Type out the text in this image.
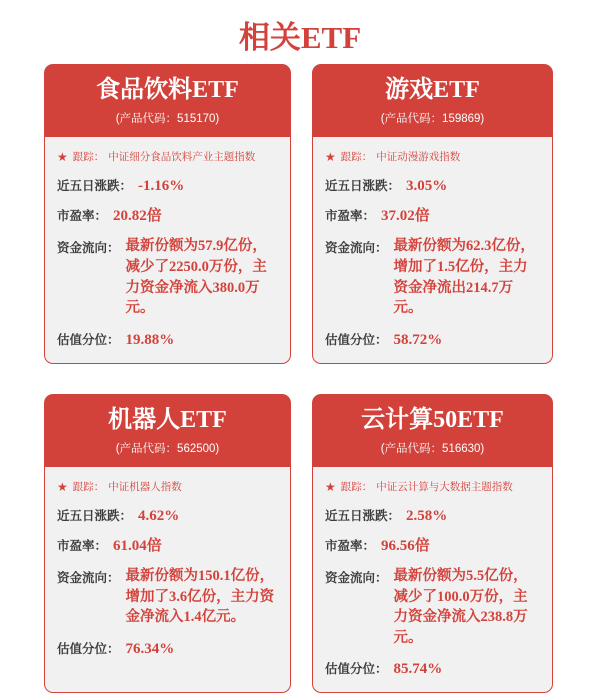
相关ETF
食品饮料ETF
(产品代码：515170)
★ 跟踪： 中证细分食品饮料产业主题指数
近五日涨跌： -1.16%
市盈率： 20.82倍
资金流向： 最新份额为57.9亿份，减少了2250.0万份，主力资金净流入380.0万元。
估值分位： 19.88%
游戏ETF
(产品代码：159869)
★ 跟踪： 中证动漫游戏指数
近五日涨跌： 3.05%
市盈率： 37.02倍
资金流向： 最新份额为62.3亿份，增加了1.5亿份，主力资金净流出214.7万元。
估值分位： 58.72%
机器人ETF
(产品代码：562500)
★ 跟踪： 中证机器人指数
近五日涨跌： 4.62%
市盈率： 61.04倍
资金流向： 最新份额为150.1亿份，增加了3.6亿份，主力资金净流入1.4亿元。
估值分位： 76.34%
云计算50ETF
(产品代码：516630)
★ 跟踪： 中证云计算与大数据主题指数
近五日涨跌： 2.58%
市盈率： 96.56倍
资金流向： 最新份额为5.5亿份，减少了100.0万份，主力资金净流入238.8万元。
估值分位： 85.74%
